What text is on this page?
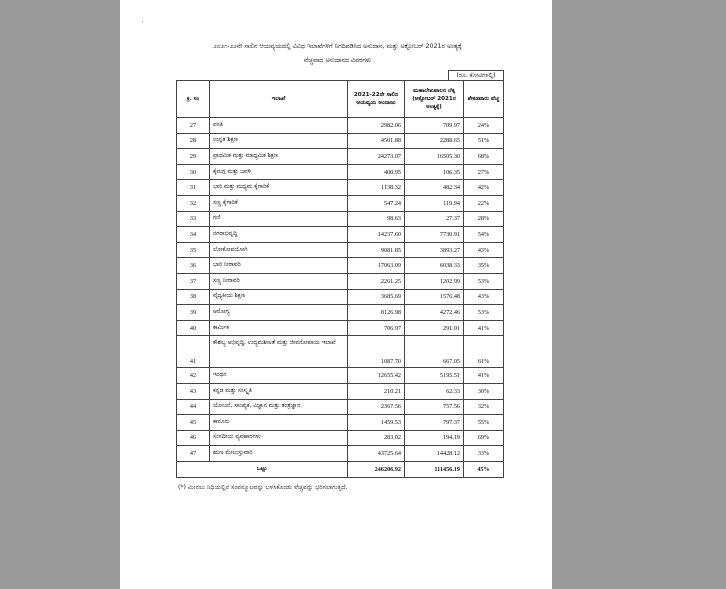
'
೨೦೨೧-೨೨ನೇ ಸಾಲಿನ ಆಯವ್ಯಯದಲ್ಲಿ ವಿವಿಧ ಇಲಾಖೆಗಳಿಗೆ ನಿಗದಿಪಡಿಸಿದ ಅನುದಾನ, ಮತ್ತು ಅಕ್ಟೋಬರ್ 2021ರ ಅಂತ್ಯಕ್ಕೆ
ವೆಚ್ಚವಾದ ಅನುದಾನದ ವಿವರಗಳು
(ರೂ. ಕೋಟಿಗಳಲ್ಲಿ)
ಕ್ರ. ಸಂ	ಇಲಾಖೆ	2021-22ನೇ ಸಾಲಿನ ಆಯವ್ಯಯ ಅಂದಾಜು	ಮಹಾಲೇಖಪಾಲರ ಲೆಕ್ಕ (ಅಕ್ಟೋಬರ್ 2021ರ ಅಂತ್ಯಕ್ಕೆ)	ಶೇಕಡವಾರು ವೆಚ್ಚ
27	ವಸತಿ	2982.06	709.97	24%
28	ಉನ್ನತ ಶಿಕ್ಷಣ	4501.88	2288.65	51%
29	ಪ್ರಾಥಮಿಕ ಮತ್ತು ಮಾಧ್ಯಮಿಕ ಶಿಕ್ಷಣ	24273.07	16505.30	68%
30	ಕೈಮಗ್ಗ ಮತ್ತು ಜವಳಿ	400.95	106.35	27%
31	ಭಾರಿ ಮತ್ತು ಮಧ್ಯಮ ಕೈಗಾರಿಕೆ	1138.32	482.34	42%
32	ಸಣ್ಣ ಕೈಗಾರಿಕೆ	547.24	119.94	22%
33	ಗಣಿ	98.63	27.37	28%
34	ನಗರಾಭಿವೃದ್ಧಿ	14237.60	7730.91	54%
35	ಲೋಕೋಪಯೋಗಿ	9081.85	3893.27	43%
36	ಭಾರಿ ನೀರಾವರಿ	17063.09	6038.33	35%
37	ಸಣ್ಣ ನೀರಾವರಿ	2261.25	1202.99	53%
38	ವೈದ್ಯಕೀಯ ಶಿಕ್ಷಣ	3685.69	1576.48	43%
39	ಆರೋಗ್ಯ	8126.98	4272.46	53%
40	ಕಾರ್ಮಿಕ	706.97	291.01	41%
41	ಕೌಶಲ್ಯ ಅಭಿವೃದ್ಧಿ, ಉದ್ಯಮಶೀಲತೆ ಮತ್ತು ಜೀವನೋಪಾಯ ಇಲಾಖೆ	1087.70	667.05	61%
42	ಇಂಧನ	12655.42	5195.51	41%
43	ಕನ್ನಡ ಮತ್ತು ಸಂಸ್ಕೃತಿ	210.21	62.33	30%
44	ಯೋಜನೆ, ಸಾಂಖ್ಯಿಕ, ವಿಜ್ಞಾನ ಮತ್ತು ತಂತ್ರಜ್ಞಾನ	2367.56	757.56	32%
45	ಕಾನೂನು	1459.53	797.37	55%
46	ಸಂಸದೀಯ ವ್ಯವಹಾರಗಳು	283.02	194.19	69%
47	ಋಣ ಮೇಲುಸ್ತುವಾರಿ	43725.64	14428.12	33%
ಒಟ್ಟು		246206.92	111456.19	45%
(*) ಮೀನಲು ನಿಧಿಯಲ್ಲಿನ ಸಂಪನ್ಮೂಲವನ್ನು ಬಳಸಿಕೊಂಡು ವೆಚ್ಚವನ್ನು ಭರಿಸಲಾಗುತ್ತಿದೆ.
